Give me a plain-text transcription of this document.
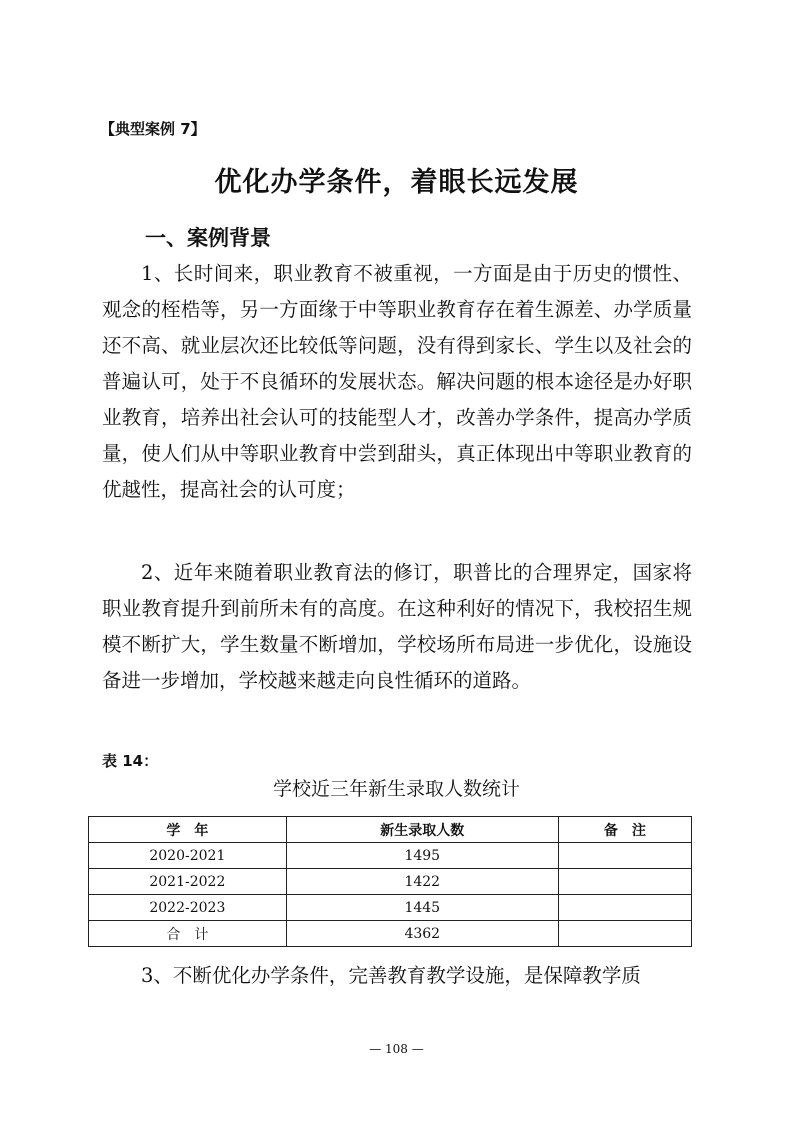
【典型案例 7】
优化办学条件，着眼长远发展
一、案例背景

1、长时间来，职业教育不被重视，一方面是由于历史的惯性、观念的桎梏等，另一方面缘于中等职业教育存在着生源差、办学质量还不高、就业层次还比较低等问题，没有得到家长、学生以及社会的普遍认可，处于不良循环的发展状态。解决问题的根本途径是办好职业教育，培养出社会认可的技能型人才，改善办学条件，提高办学质量，使人们从中等职业教育中尝到甜头，真正体现出中等职业教育的优越性，提高社会的认可度；

2、近年来随着职业教育法的修订，职普比的合理界定，国家将职业教育提升到前所未有的高度。在这种利好的情况下，我校招生规模不断扩大，学生数量不断增加，学校场所布局进一步优化，设施设备进一步增加，学校越来越走向良性循环的道路。

表 14：
学校近三年新生录取人数统计
学　年	新生录取人数	备　注
2020-2021	1495	
2021-2022	1422	
2022-2023	1445	
合　计	4362	

3、不断优化办学条件，完善教育教学设施，是保障教学质

— 108 —
